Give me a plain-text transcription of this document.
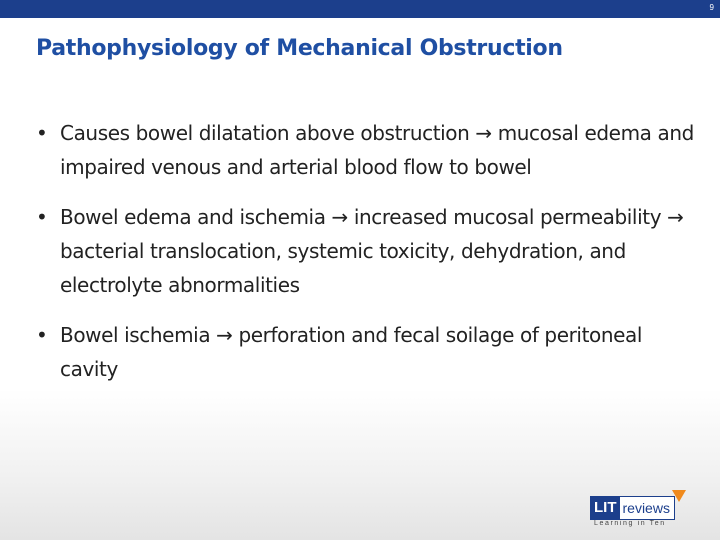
9
Pathophysiology of Mechanical Obstruction
• Causes bowel dilatation above obstruction → mucosal edema and impaired venous and arterial blood flow to bowel
• Bowel edema and ischemia → increased mucosal permeability → bacterial translocation, systemic toxicity, dehydration, and electrolyte abnormalities
• Bowel ischemia → perforation and fecal soilage of peritoneal cavity
LIT reviews
Learning in Ten
